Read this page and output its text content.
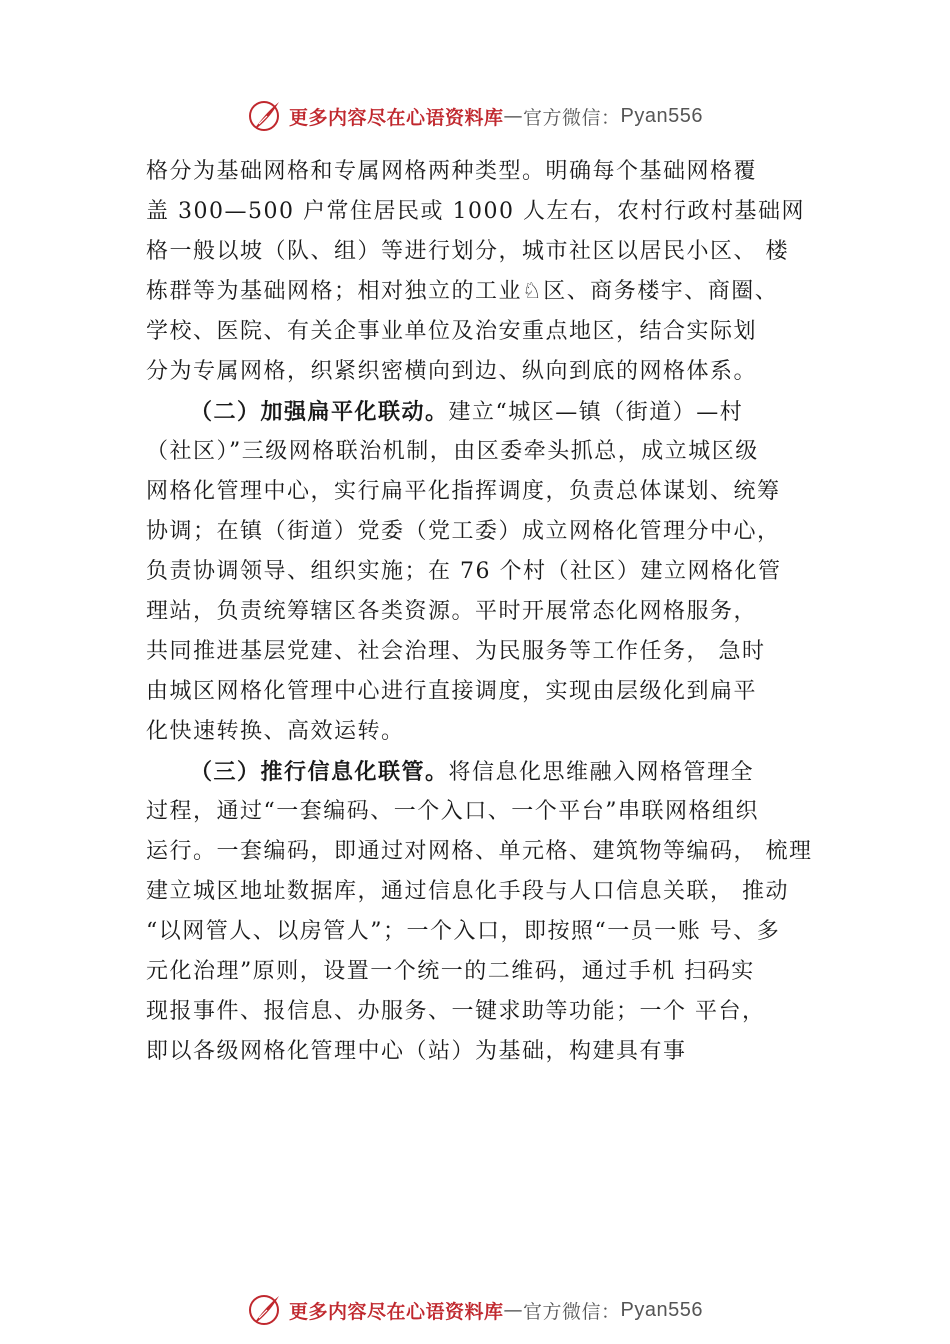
更多内容尽在心语资料库 — 官方微信： Pyan556
格分为基础网格和专属网格两种类型。明确每个基础网格覆
盖 300—500 户常住居民或 1000 人左右，农村行政村基础网
格一般以坡（队、组）等进行划分，城市社区以居民小区、 楼
栋群等为基础网格；相对独立的工业♘区、商务楼宇、商圈、
学校、医院、有关企事业单位及治安重点地区，结合实际划
分为专属网格，织紧织密横向到边、纵向到底的网格体系。
（二）加强扁平化联动。建立“城区—镇（街道）—村
（社区）”三级网格联治机制，由区委牵头抓总，成立城区级
网格化管理中心，实行扁平化指挥调度，负责总体谋划、统筹
协调；在镇（街道）党委（党工委）成立网格化管理分中心，
负责协调领导、组织实施；在 76 个村（社区）建立网格化管
理站，负责统筹辖区各类资源。平时开展常态化网格服务，
共同推进基层党建、社会治理、为民服务等工作任务， 急时
由城区网格化管理中心进行直接调度，实现由层级化到扁平
化快速转换、高效运转。
（三）推行信息化联管。将信息化思维融入网格管理全
过程，通过“一套编码、一个入口、一个平台”串联网格组织
运行。一套编码，即通过对网格、单元格、建筑物等编码， 梳理
建立城区地址数据库，通过信息化手段与人口信息关联， 推动
“以网管人、以房管人”；一个入口，即按照“一员一账 号、多
元化治理”原则，设置一个统一的二维码，通过手机 扫码实
现报事件、报信息、办服务、一键求助等功能；一个 平台，
即以各级网格化管理中心（站）为基础，构建具有事
更多内容尽在心语资料库 — 官方微信： Pyan556
